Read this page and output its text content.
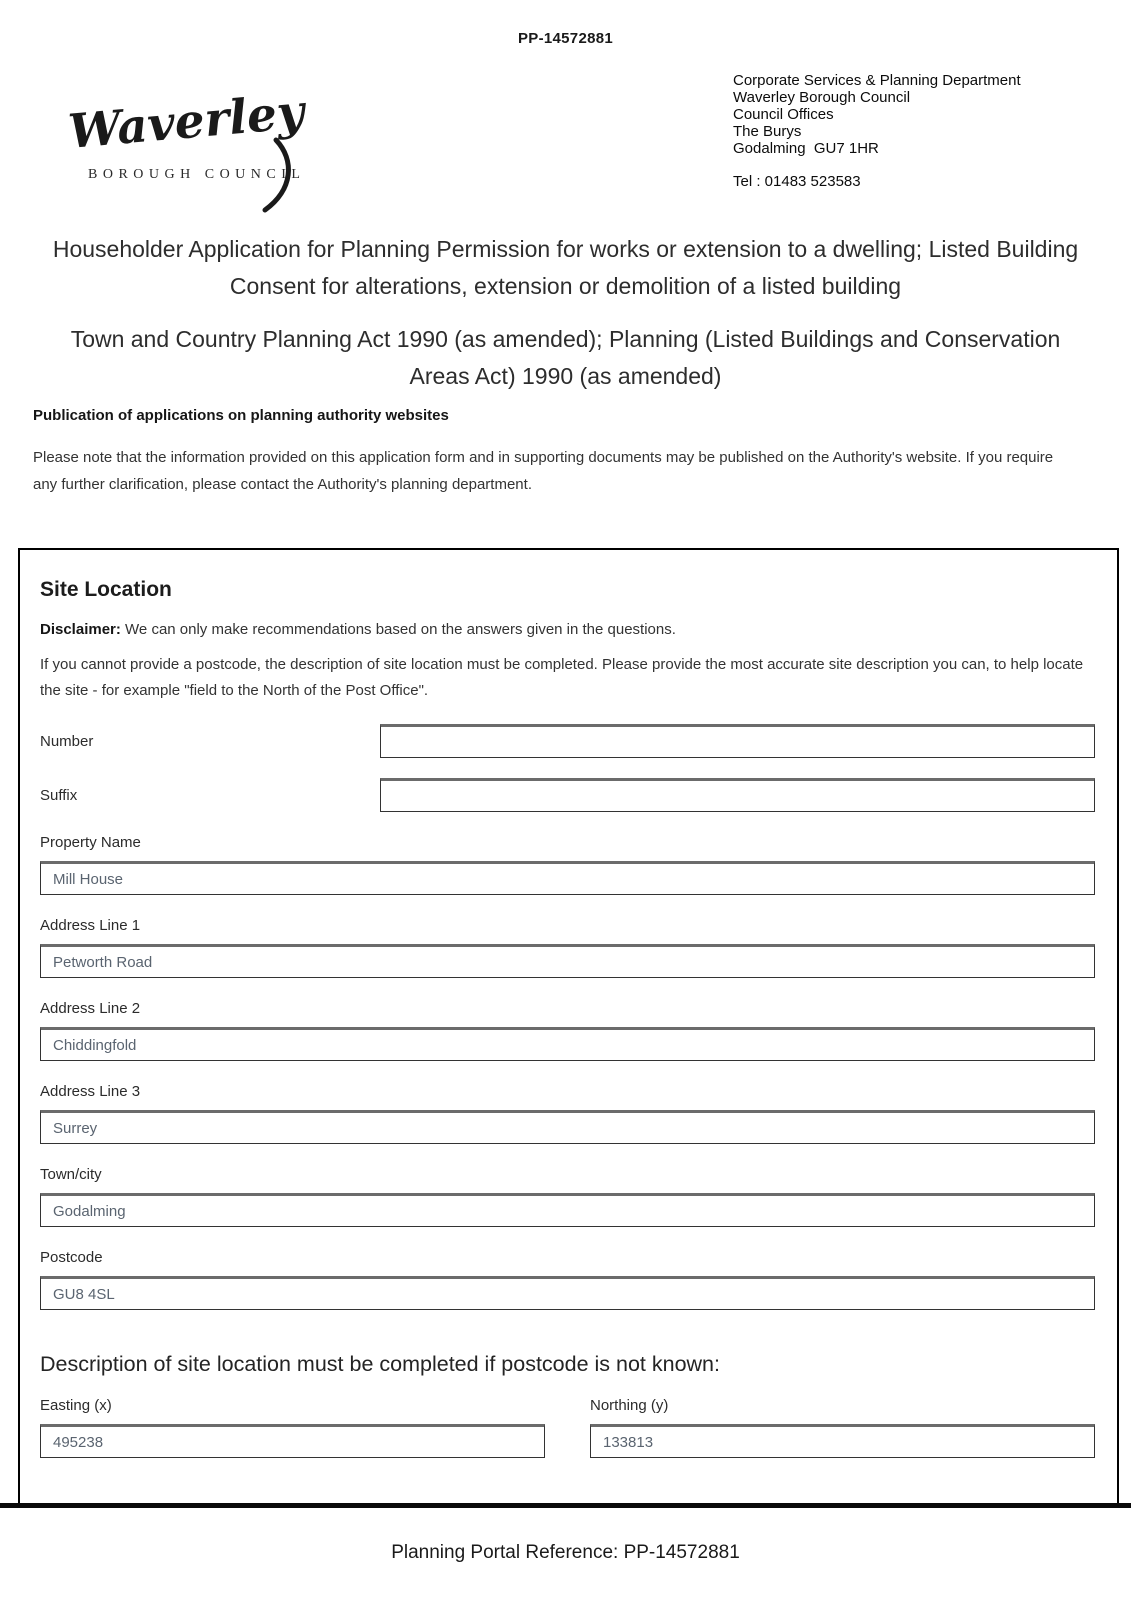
PP-14572881
Waverley
BOROUGH COUNCIL
Corporate Services & Planning Department
Waverley Borough Council
Council Offices
The Burys
Godalming  GU7 1HR
Tel : 01483 523583
Householder Application for Planning Permission for works or extension to a dwelling; Listed Building Consent for alterations, extension or demolition of a listed building
Town and Country Planning Act 1990 (as amended); Planning (Listed Buildings and Conservation Areas Act) 1990 (as amended)
Publication of applications on planning authority websites
Please note that the information provided on this application form and in supporting documents may be published on the Authority's website. If you require any further clarification, please contact the Authority's planning department.
Site Location

Disclaimer: We can only make recommendations based on the answers given in the questions.

If you cannot provide a postcode, the description of site location must be completed. Please provide the most accurate site description you can, to help locate the site - for example "field to the North of the Post Office".

Number
Suffix
Property Name
Mill House
Address Line 1
Petworth Road
Address Line 2
Chiddingfold
Address Line 3
Surrey
Town/city
Godalming
Postcode
GU8 4SL
Description of site location must be completed if postcode is not known:
Easting (x)
495238	Northing (y)
133813
Planning Portal Reference: PP-14572881
